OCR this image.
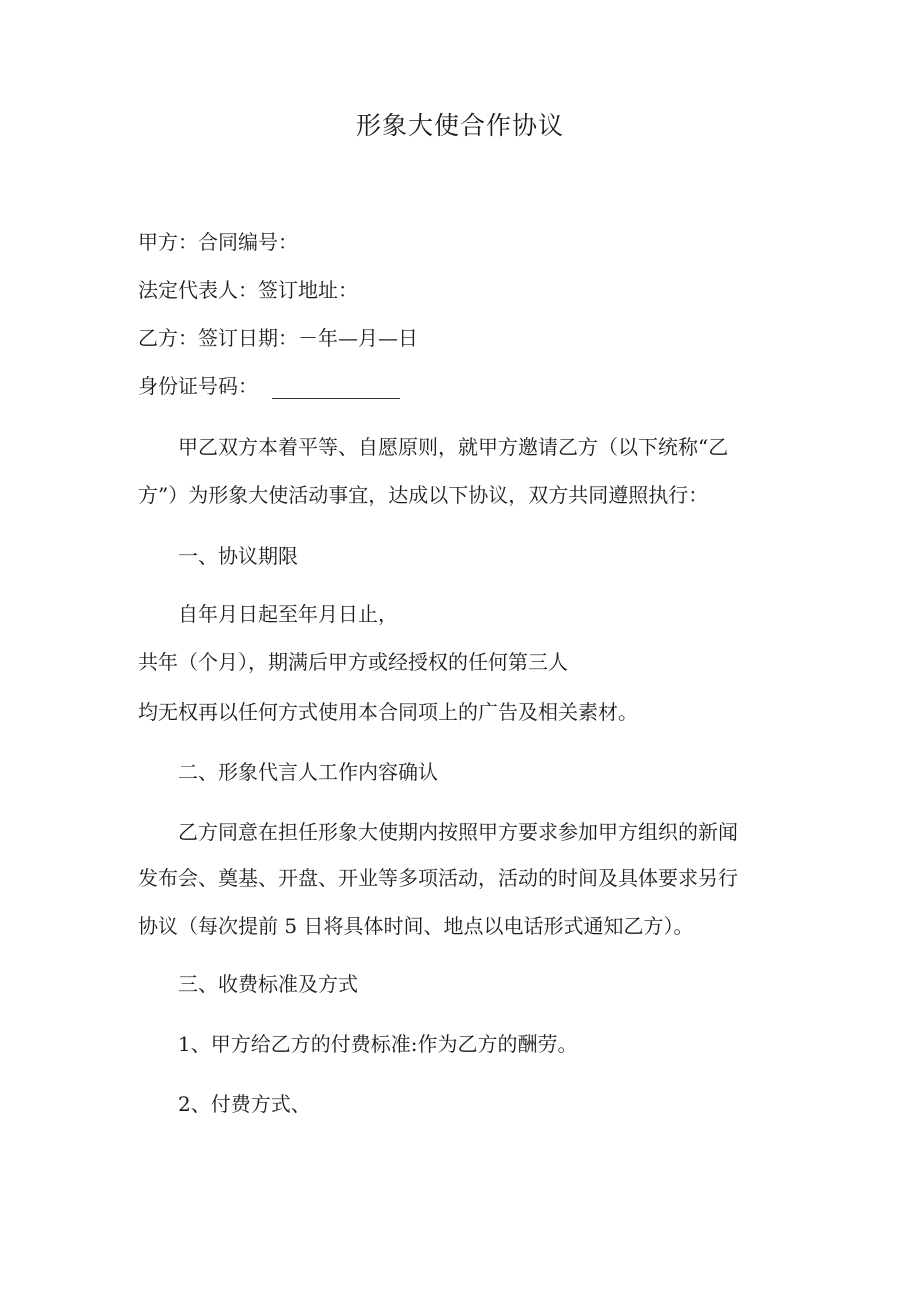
形象大使合作协议
甲方：合同编号：
法定代表人：签订地址：
乙方：签订日期：－年—月—日
身份证号码：
甲乙双方本着平等、自愿原则，就甲方邀请乙方（以下统称“乙
方”）为形象大使活动事宜，达成以下协议，双方共同遵照执行：
一、协议期限
自年月日起至年月日止，
共年（个月），期满后甲方或经授权的任何第三人
均无权再以任何方式使用本合同项上的广告及相关素材。
二、形象代言人工作内容确认
乙方同意在担任形象大使期内按照甲方要求参加甲方组织的新闻
发布会、奠基、开盘、开业等多项活动，活动的时间及具体要求另行
协议（每次提前 5 日将具体时间、地点以电话形式通知乙方）。
三、收费标准及方式
1、甲方给乙方的付费标准:作为乙方的酬劳。
2、付费方式、
